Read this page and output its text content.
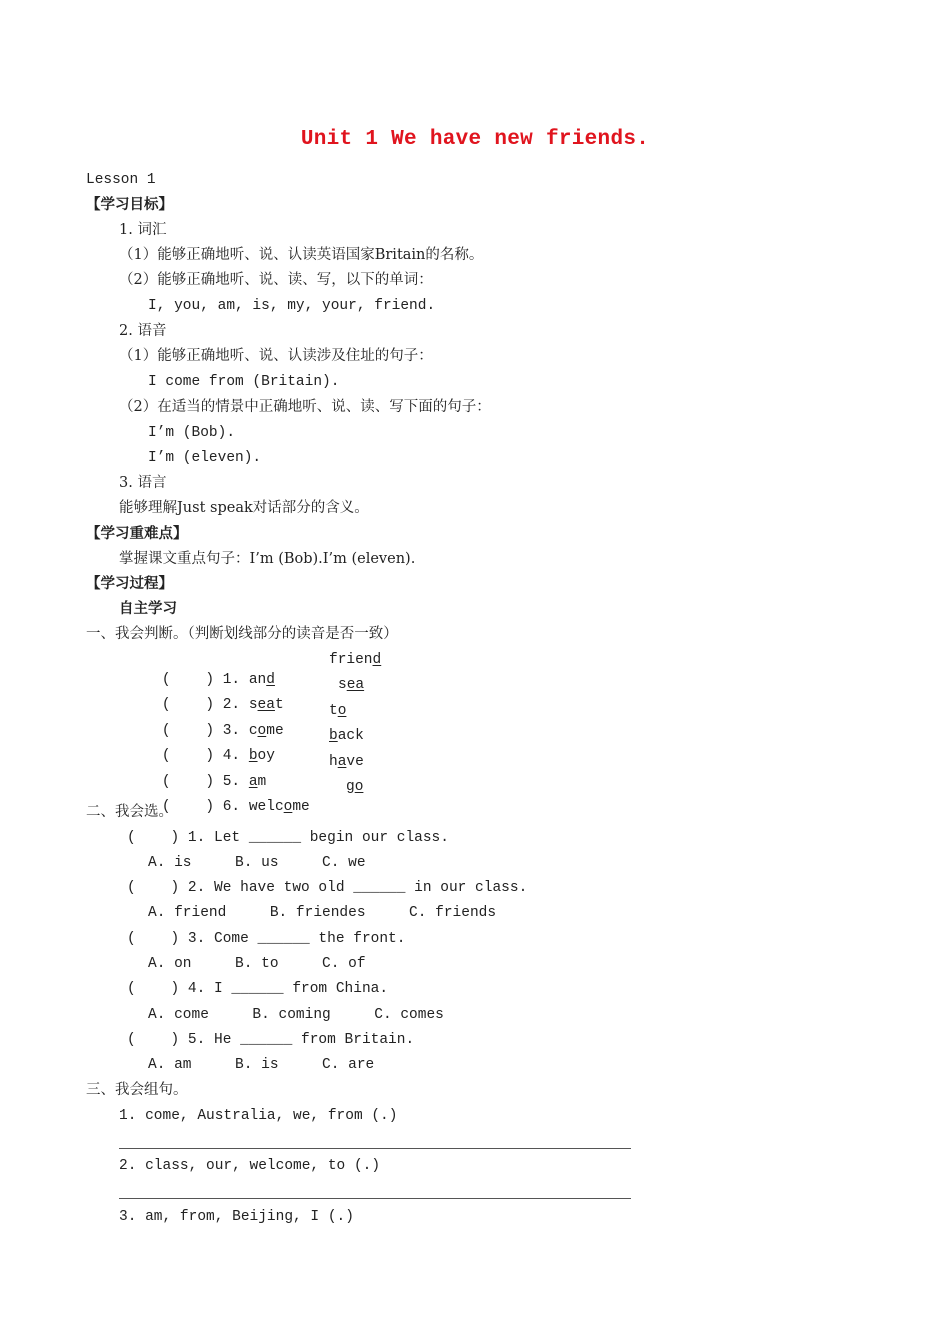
Unit 1 We have new friends.
Lesson 1
【学习目标】
1. 词汇
（1）能够正确地听、说、认读英语国家Britain的名称。
（2）能够正确地听、说、读、写，以下的单词：
I, you, am, is, my, your, friend.
2. 语音
（1）能够正确地听、说、认读涉及住址的句子：
I come from (Britain).
（2）在适当的情景中正确地听、说、读、写下面的句子：
I’m (Bob).
I’m (eleven).
3. 语言
能够理解Just speak对话部分的含义。
【学习重难点】
掌握课文重点句子：I’m (Bob).I’m (eleven).
【学习过程】
自主学习
一、我会判断。（判断划线部分的读音是否一致）

(    ) 1. and

friend

(    ) 2. seat

sea

(    ) 3. come

to

(    ) 4. boy

back

(    ) 5. am

have

(    ) 6. welcome

go
二、我会选。
(    ) 1. Let ______ begin our class.
A. is     B. us     C. we
(    ) 2. We have two old ______ in our class.
A. friend     B. friendes     C. friends
(    ) 3. Come ______ the front.
A. on     B. to     C. of
(    ) 4. I ______ from China.
A. come     B. coming     C. comes
(    ) 5. He ______ from Britain.
A. am     B. is     C. are
三、我会组句。
1. come, Australia, we, from (.)
2. class, our, welcome, to (.)
3. am, from, Beijing, I (.)
